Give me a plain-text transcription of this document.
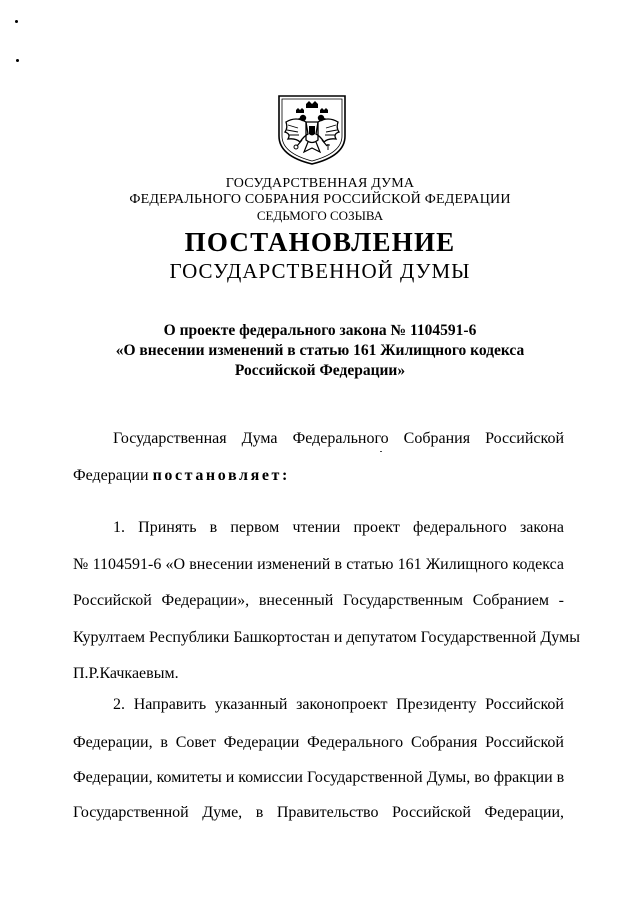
ГОСУДАРСТВЕННАЯ ДУМА
ФЕДЕРАЛЬНОГО СОБРАНИЯ РОССИЙСКОЙ ФЕДЕРАЦИИ
СЕДЬМОГО СОЗЫВА
ПОСТАНОВЛЕНИЕ
ГОСУДАРСТВЕННОЙ ДУМЫ
О проекте федерального закона № 1104591-6
«О внесении изменений в статью 161 Жилищного кодекса
Российской Федерации»
Государственная Дума Федерального Собрания Российской
Федерации постановляет:
1. Принять в первом чтении проект федерального закона
№ 1104591-6 «О внесении изменений в статью 161 Жилищного кодекса
Российской Федерации», внесенный Государственным Собранием -
Курултаем Республики Башкортостан и депутатом Государственной Думы
П.Р.Качкаевым.
2. Направить указанный законопроект Президенту Российской
Федерации, в Совет Федерации Федерального Собрания Российской
Федерации, комитеты и комиссии Государственной Думы, во фракции в
Государственной Думе, в Правительство Российской Федерации,
